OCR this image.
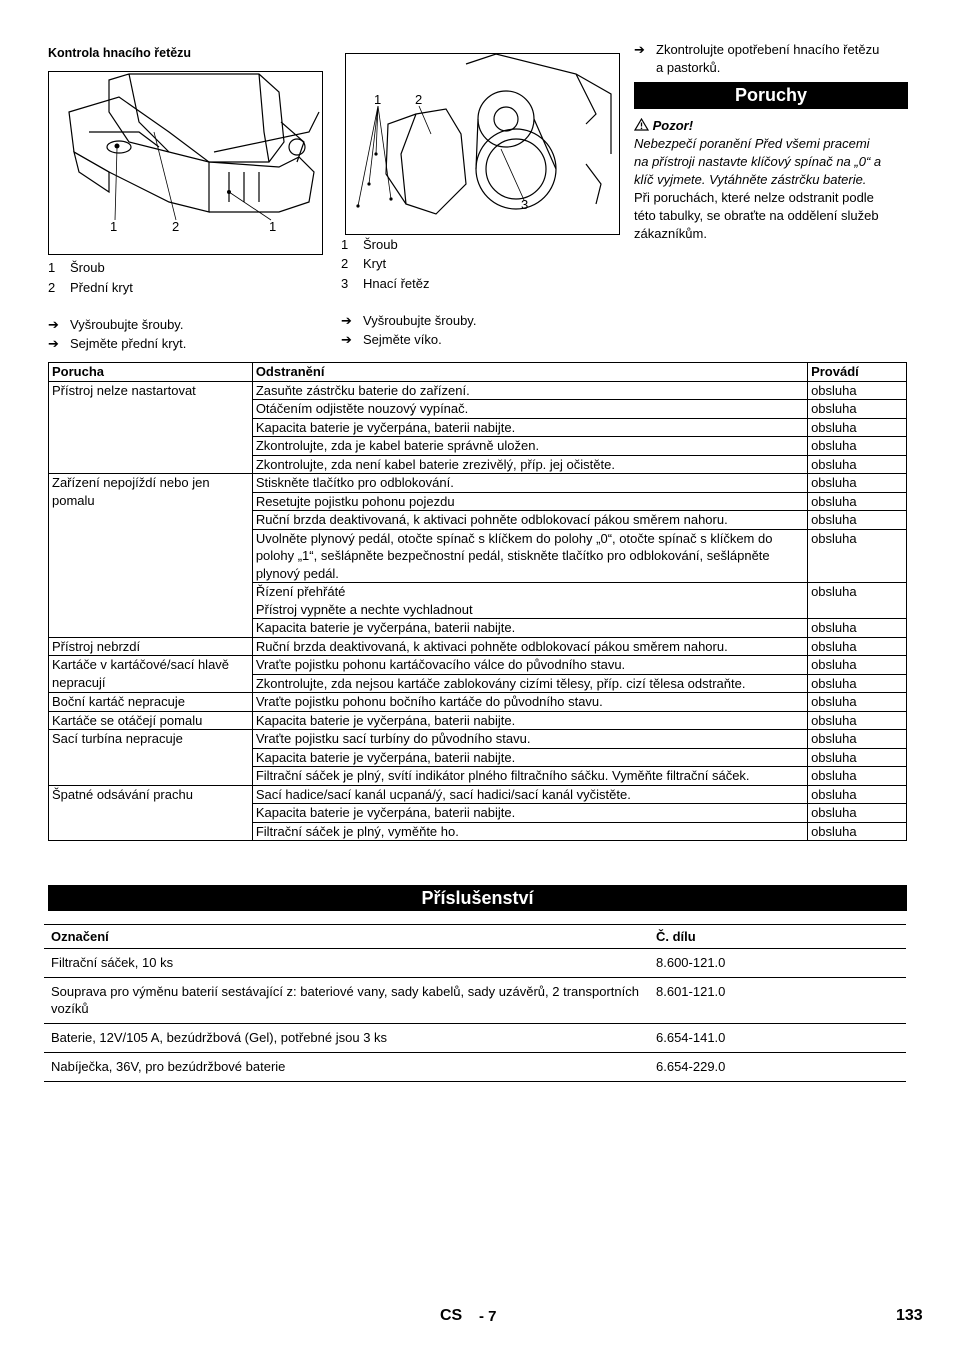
Kontrola hnacího řetězu
1	2	1
1 Šroub
2 Přední kryt
➔ Vyšroubujte šrouby.
➔ Sejměte přední kryt.
1	2
3
1 Šroub
2 Kryt
3 Hnací řetěz
➔ Vyšroubujte šrouby.
➔ Sejměte víko.
➔ Zkontrolujte opotřebení hnacího řetězu
a pastorků.
Poruchy
Pozor!
Nebezpečí poranění Před všemi pracemi
na přístroji nastavte klíčový spínač na „0“ a
klíč vyjmete. Vytáhněte zástrčku baterie.
Při poruchách, které nelze odstranit podle
této tabulky, se obraťte na oddělení služeb
zákazníkům.
Porucha	Odstranění	Provádí
Přístroj nelze nastartovat	Zasuňte zástrčku baterie do zařízení.	obsluha
	Otáčením odjistěte nouzový vypínač.	obsluha
	Kapacita baterie je vyčerpána, baterii nabijte.	obsluha
	Zkontrolujte, zda je kabel baterie správně uložen.	obsluha
	Zkontrolujte, zda není kabel baterie zrezivělý, příp. jej očistěte.	obsluha
Zařízení nepojíždí nebo jen pomalu	Stiskněte tlačítko pro odblokování.	obsluha
	Resetujte pojistku pohonu pojezdu	obsluha
	Ruční brzda deaktivovaná, k aktivaci pohněte odblokovací pákou směrem nahoru.	obsluha
	Uvolněte plynový pedál, otočte spínač s klíčkem do polohy „0“, otočte spínač s klíčkem do polohy „1“, sešlápněte bezpečnostní pedál, stiskněte tlačítko pro odblokování, sešlápněte plynový pedál.	obsluha
	Řízení přehřáté
Přístroj vypněte a nechte vychladnout	obsluha
	Kapacita baterie je vyčerpána, baterii nabijte.	obsluha
Přístroj nebrzdí	Ruční brzda deaktivovaná, k aktivaci pohněte odblokovací pákou směrem nahoru.	obsluha
Kartáče v kartáčové/sací hlavě nepracují	Vraťte pojistku pohonu kartáčovacího válce do původního stavu.	obsluha
	Zkontrolujte, zda nejsou kartáče zablokovány cizími tělesy, příp. cizí tělesa odstraňte.	obsluha
Boční kartáč nepracuje	Vraťte pojistku pohonu bočního kartáče do původního stavu.	obsluha
Kartáče se otáčejí pomalu	Kapacita baterie je vyčerpána, baterii nabijte.	obsluha
Sací turbína nepracuje	Vraťte pojistku sací turbíny do původního stavu.	obsluha
	Kapacita baterie je vyčerpána, baterii nabijte.	obsluha
	Filtrační sáček je plný, svítí indikátor plného filtračního sáčku. Vyměňte filtrační sáček.	obsluha
Špatné odsávání prachu	Sací hadice/sací kanál ucpaná/ý, sací hadici/sací kanál vyčistěte.	obsluha
	Kapacita baterie je vyčerpána, baterii nabijte.	obsluha
	Filtrační sáček je plný, vyměňte ho.	obsluha
Příslušenství
Označení	Č. dílu
Filtrační sáček, 10 ks	8.600-121.0
Souprava pro výměnu baterií sestávající z: bateriové vany, sady kabelů, sady uzávěrů, 2 transportních vozíků	8.601-121.0
Baterie, 12V/105 A, bezúdržbová (Gel), potřebné jsou 3 ks	6.654-141.0
Nabíječka, 36V, pro bezúdržbové baterie	6.654-229.0
CS - 7	133
